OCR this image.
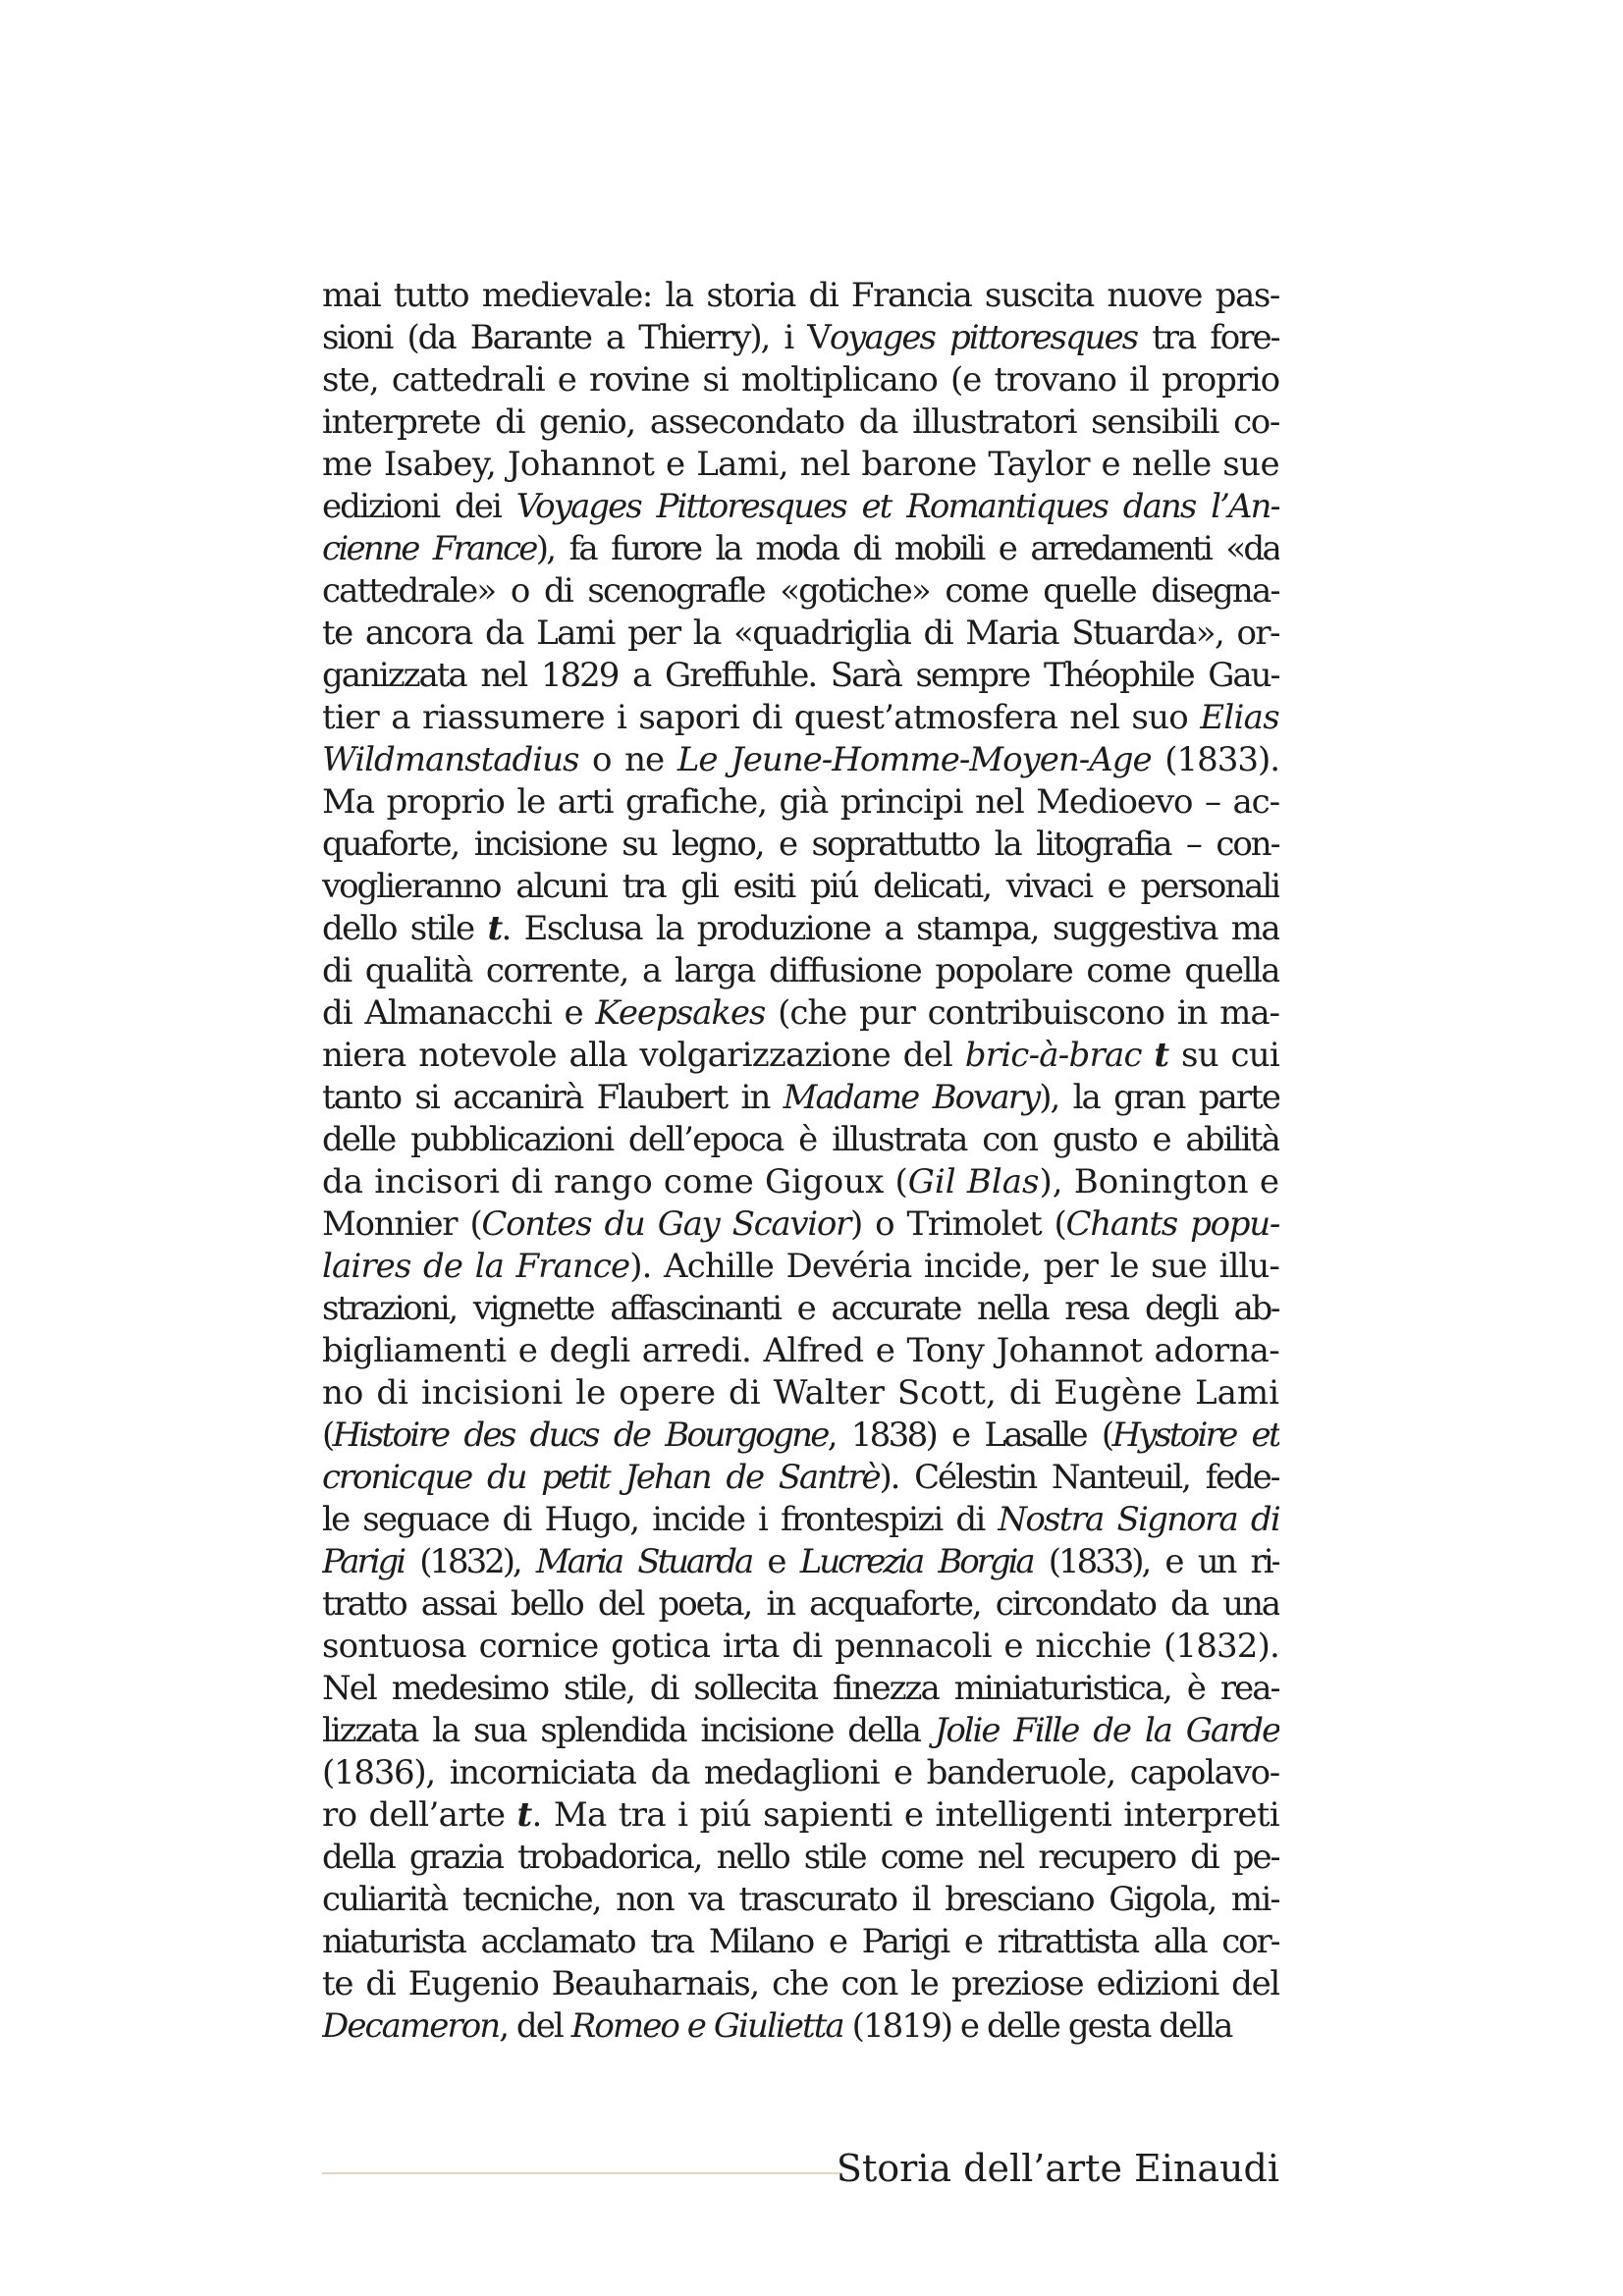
mai tutto medievale: la storia di Francia suscita nuove pas-
sioni (da Barante a Thierry), i Voyages pittoresques tra fore-
ste, cattedrali e rovine si moltiplicano (e trovano il proprio
interprete di genio, assecondato da illustratori sensibili co-
me Isabey, Johannot e Lami, nel barone Taylor e nelle sue
edizioni dei Voyages Pittoresques et Romantiques dans l’An-
cienne France), fa furore la moda di mobili e arredamenti «da
cattedrale» o di scenografle «gotiche» come quelle disegna-
te ancora da Lami per la «quadriglia di Maria Stuarda», or-
ganizzata nel 1829 a Greffuhle. Sarà sempre Théophile Gau-
tier a riassumere i sapori di quest’atmosfera nel suo Elias
Wildmanstadius o ne Le Jeune-Homme-Moyen-Age (1833).
Ma proprio le arti grafiche, già principi nel Medioevo – ac-
quaforte, incisione su legno, e soprattutto la litografia – con-
voglieranno alcuni tra gli esiti piú delicati, vivaci e personali
dello stile t. Esclusa la produzione a stampa, suggestiva ma
di qualità corrente, a larga diffusione popolare come quella
di Almanacchi e Keepsakes (che pur contribuiscono in ma-
niera notevole alla volgarizzazione del bric-à-brac t su cui
tanto si accanirà Flaubert in Madame Bovary), la gran parte
delle pubblicazioni dell’epoca è illustrata con gusto e abilità
da incisori di rango come Gigoux (Gil Blas), Bonington e
Monnier (Contes du Gay Scavior) o Trimolet (Chants popu-
laires de la France). Achille Devéria incide, per le sue illu-
strazioni, vignette affascinanti e accurate nella resa degli ab-
bigliamenti e degli arredi. Alfred e Tony Johannot adorna-
no di incisioni le opere di Walter Scott, di Eugène Lami
(Histoire des ducs de Bourgogne, 1838) e Lasalle (Hystoire et
cronicque du petit Jehan de Santrè). Célestin Nanteuil, fede-
le seguace di Hugo, incide i frontespizi di Nostra Signora di
Parigi (1832), Maria Stuarda e Lucrezia Borgia (1833), e un ri-
tratto assai bello del poeta, in acquaforte, circondato da una
sontuosa cornice gotica irta di pennacoli e nicchie (1832).
Nel medesimo stile, di sollecita finezza miniaturistica, è rea-
lizzata la sua splendida incisione della Jolie Fille de la Garde
(1836), incorniciata da medaglioni e banderuole, capolavo-
ro dell’arte t. Ma tra i piú sapienti e intelligenti interpreti
della grazia trobadorica, nello stile come nel recupero di pe-
culiarità tecniche, non va trascurato il bresciano Gigola, mi-
niaturista acclamato tra Milano e Parigi e ritrattista alla cor-
te di Eugenio Beauharnais, che con le preziose edizioni del
Decameron, del Romeo e Giulietta (1819) e delle gesta della
Storia dell’arte Einaudi
